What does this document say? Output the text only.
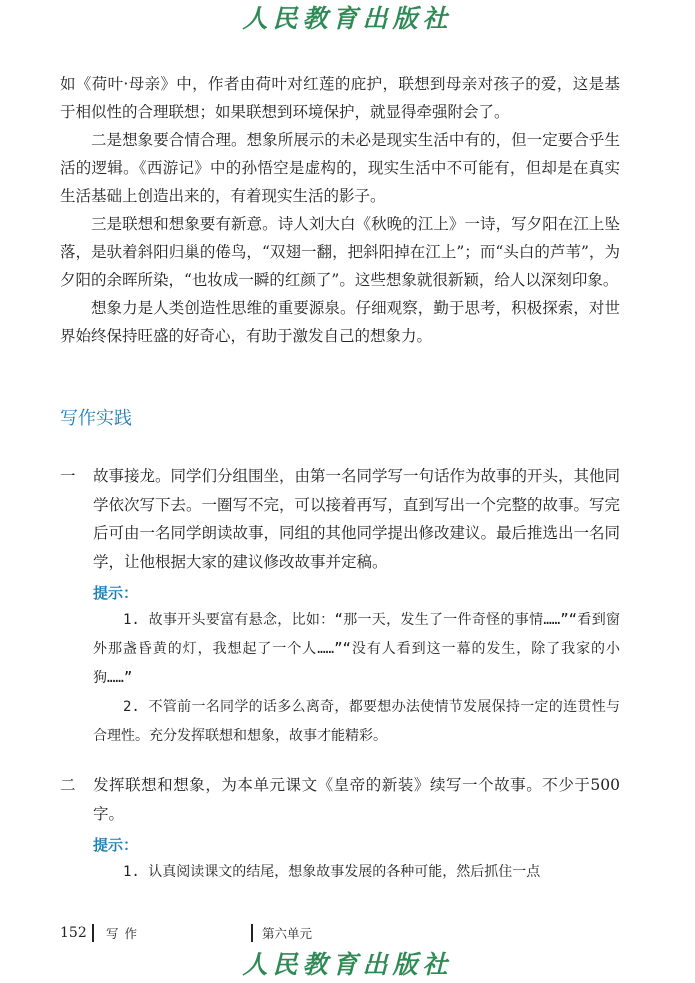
人民教育出版社

如《荷叶·母亲》中，作者由荷叶对红莲的庇护，联想到母亲对孩子的爱，这是基于相似性的合理联想；如果联想到环境保护，就显得牵强附会了。

二是想象要合情合理。想象所展示的未必是现实生活中有的，但一定要合乎生活的逻辑。《西游记》中的孙悟空是虚构的，现实生活中不可能有，但却是在真实生活基础上创造出来的，有着现实生活的影子。

三是联想和想象要有新意。诗人刘大白《秋晚的江上》一诗，写夕阳在江上坠落，是驮着斜阳归巢的倦鸟，“双翅一翻，把斜阳掉在江上”；而“头白的芦苇”，为夕阳的余晖所染，“也妆成一瞬的红颜了”。这些想象就很新颖，给人以深刻印象。

想象力是人类创造性思维的重要源泉。仔细观察，勤于思考，积极探索，对世界始终保持旺盛的好奇心，有助于激发自己的想象力。

写作实践
一	故事接龙。同学们分组围坐，由第一名同学写一句话作为故事的开头，其他同学依次写下去。一圈写不完，可以接着再写，直到写出一个完整的故事。写完后可由一名同学朗读故事，同组的其他同学提出修改建议。最后推选出一名同学，让他根据大家的建议修改故事并定稿。
提示：

1. 故事开头要富有悬念，比如：“那一天，发生了一件奇怪的事情……”“看到窗外那盏昏黄的灯，我想起了一个人……”“没有人看到这一幕的发生，除了我家的小狗……”

2. 不管前一名同学的话多么离奇，都要想办法使情节发展保持一定的连贯性与合理性。充分发挥联想和想象，故事才能精彩。

二	发挥联想和想象，为本单元课文《皇帝的新装》续写一个故事。不少于500字。
提示：

1. 认真阅读课文的结尾，想象故事发展的各种可能，然后抓住一点

152 写作	第六单元
人民教育出版社
